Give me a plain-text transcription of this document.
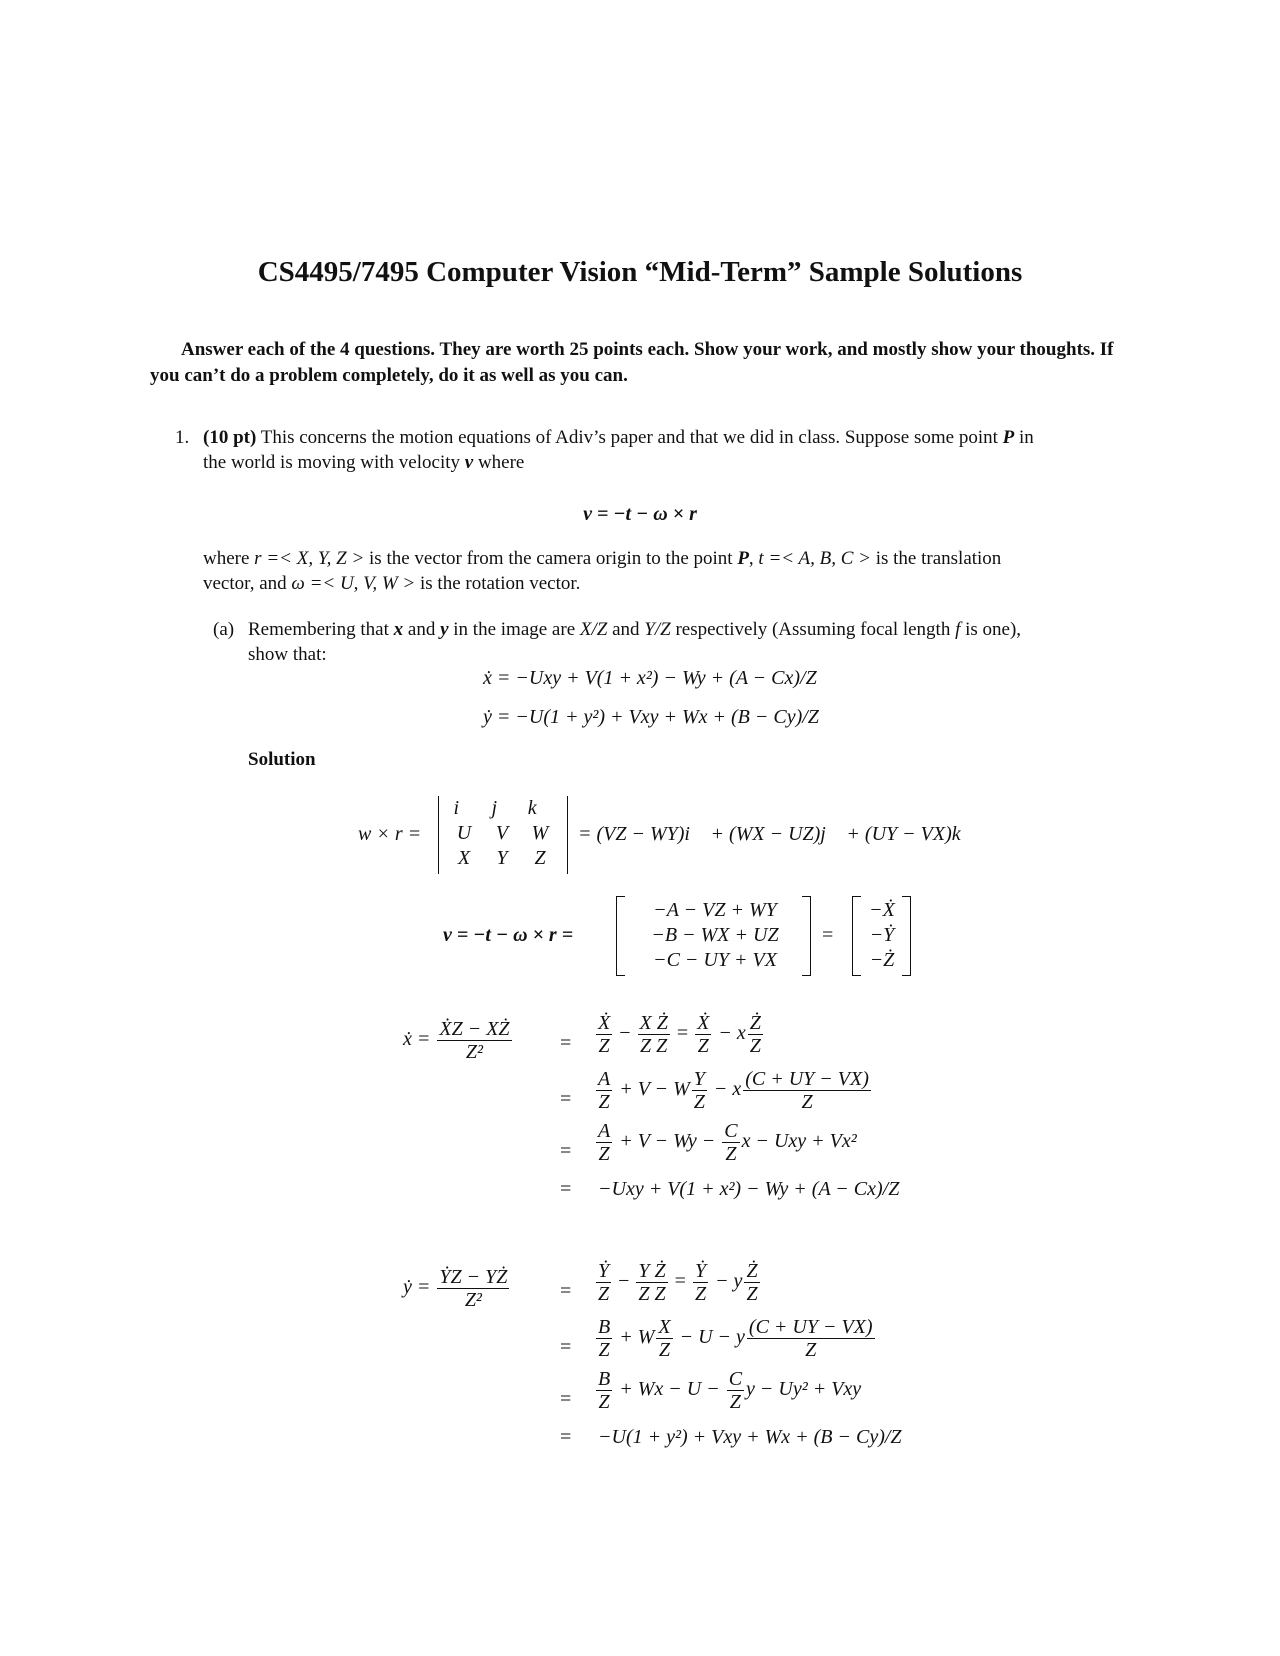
CS4495/7495 Computer Vision “Mid-Term” Sample Solutions
Answer each of the 4 questions. They are worth 25 points each. Show your work, and mostly show your thoughts. If you can’t do a problem completely, do it as well as you can.
1. (10 pt) This concerns the motion equations of Adiv’s paper and that we did in class. Suppose some point P in
the world is moving with velocity v where
v = −t − ω × r
where r =< X, Y, Z > is the vector from the camera origin to the point P, t =< A, B, C > is the translation
vector, and ω =< U, V, W > is the rotation vector.
(a) Remembering that x and y in the image are X/Z and Y/Z respectively (Assuming focal length f is one),
show that:
ẋ = −Uxy + V(1 + x²) − Wy + (A − Cx)/Z
ẏ = −U(1 + y²) + Vxy + Wx + (B − Cy)/Z
Solution
w × r =
i⃗ j⃗ k⃗
U	V	W
X	Y	Z
= (VZ − WY)i⃗ + (WX − UZ)j⃗ + (UY − VX)k⃗
v = −t − ω × r =
−A − VZ + WY
−B − WX + UZ
−C − UY + VX
=
−Ẋ
−Ẏ
−Ż
ẋ = $\frac{\text{ẊZ − XŻ}}{\text{Z²}} = \frac{\text{Ẋ}}{Z} - \frac{\text{X Ż}}{\text{Z Z}} = \frac{\text{Ẋ}}{Z} - x \frac{Ż}{Z}$
= $\frac{A}{Z} + V - W \frac{Y}{Z} - x \frac{(C + UY - VX)}{Z}$
= $\frac{A}{Z} + V - Wy - \frac{C}{Z}$ x − Uxy + Vx²
= −Uxy + V(1 + x²) − Wy + (A − Cx)/Z
ẏ = $\frac{\text{ẎZ − YŻ}}{\text{Z²}}$	= $\frac{\text{Ẏ}}{Z} - \frac{\text{Y Ż}}{\text{Z Z}} = \frac{\text{Ẏ}}{Z} - y \frac{Ż}{Z}$
= $\frac{B}{Z} + W \frac{X}{Z} - U - y \frac{(C + UY - VX)}{Z}$
= $\frac{B}{Z} + Wx - U - \frac{C}{Z}$ y − Uy² + Vxy
= −U(1 + y²) + Vxy + Wx + (B − Cy)/Z
